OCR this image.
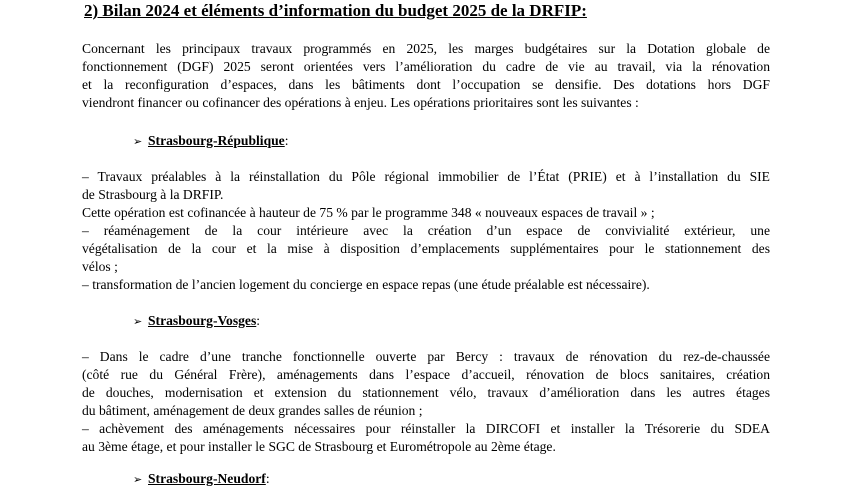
2) Bilan 2024 et éléments d’information du budget 2025 de la DRFIP:
Concernant les principaux travaux programmés en 2025, les marges budgétaires sur la Dotation globale de
fonctionnement (DGF) 2025 seront orientées vers l’amélioration du cadre de vie au travail, via la rénovation
et la reconfiguration d’espaces, dans les bâtiments dont l’occupation se densifie. Des dotations hors DGF
viendront financer ou cofinancer des opérations à enjeu. Les opérations prioritaires sont les suivantes :
➢ Strasbourg-République:
– Travaux préalables à la réinstallation du Pôle régional immobilier de l’État (PRIE) et à l’installation du SIE
de Strasbourg à la DRFIP.
Cette opération est cofinancée à hauteur de 75 % par le programme 348 « nouveaux espaces de travail » ;
– réaménagement de la cour intérieure avec la création d’un espace de convivialité extérieur, une
végétalisation de la cour et la mise à disposition d’emplacements supplémentaires pour le stationnement des
vélos ;
– transformation de l’ancien logement du concierge en espace repas (une étude préalable est nécessaire).
➢ Strasbourg-Vosges:
– Dans le cadre d’une tranche fonctionnelle ouverte par Bercy : travaux de rénovation du rez-de-chaussée
(côté rue du Général Frère), aménagements dans l’espace d’accueil, rénovation de blocs sanitaires, création
de douches, modernisation et extension du stationnement vélo, travaux d’amélioration dans les autres étages
du bâtiment, aménagement de deux grandes salles de réunion ;
– achèvement des aménagements nécessaires pour réinstaller la DIRCOFI et installer la Trésorerie du SDEA
au 3ème étage, et pour installer le SGC de Strasbourg et Eurométropole au 2ème étage.
➢ Strasbourg-Neudorf:
